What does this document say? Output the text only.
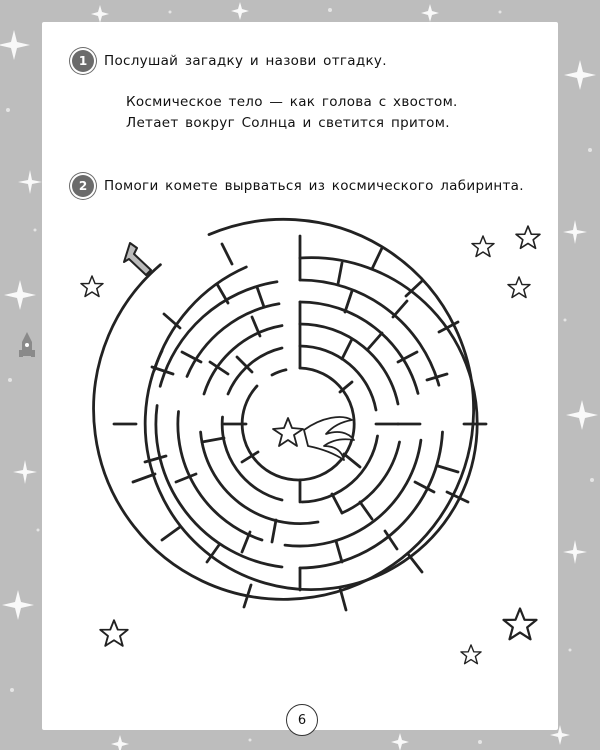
1	Послушай загадку и назови отгадку.
Космическое тело — как голова с хвостом.
Летает вокруг Солнца и светится притом.
2	Помоги комете вырваться из космического лабиринта.
6
